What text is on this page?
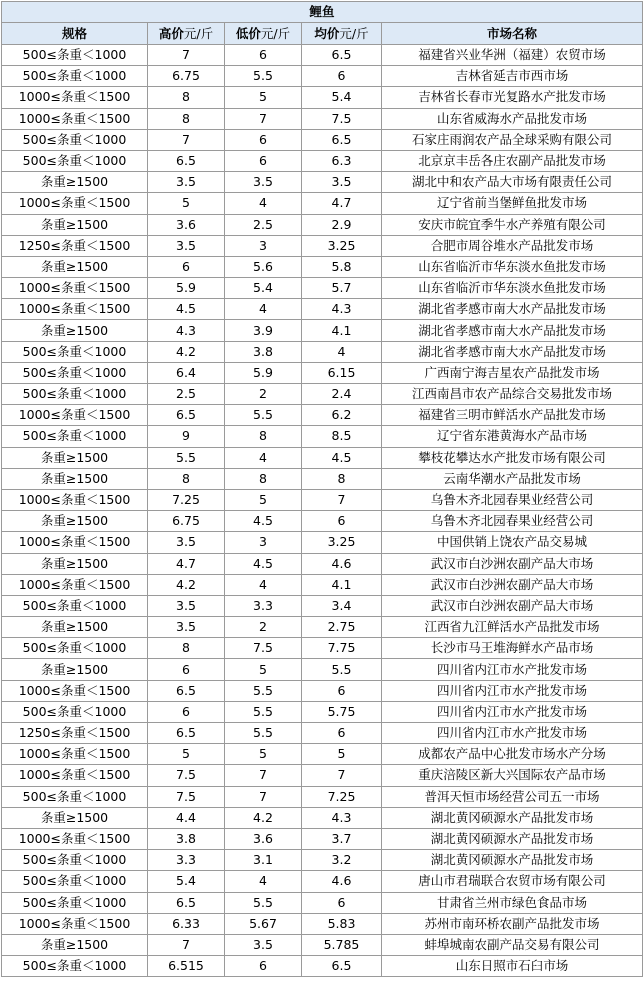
鲤鱼				
规格	高价元/斤	低价元/斤	均价元/斤	市场名称
500≤条重＜1000	7	6	6.5	福建省兴业华洲（福建）农贸市场
500≤条重＜1000	6.75	5.5	6	吉林省延吉市西市场
1000≤条重＜1500	8	5	5.4	吉林省长春市光复路水产批发市场
1000≤条重＜1500	8	7	7.5	山东省威海水产品批发市场
500≤条重＜1000	7	6	6.5	石家庄雨润农产品全球采购有限公司
500≤条重＜1000	6.5	6	6.3	北京京丰岳各庄农副产品批发市场
条重≥1500	3.5	3.5	3.5	湖北中和农产品大市场有限责任公司
1000≤条重＜1500	5	4	4.7	辽宁省前当堡鲜鱼批发市场
条重≥1500	3.6	2.5	2.9	安庆市皖宜季牛水产养殖有限公司
1250≤条重＜1500	3.5	3	3.25	合肥市周谷堆水产品批发市场
条重≥1500	6	5.6	5.8	山东省临沂市华东淡水鱼批发市场
1000≤条重＜1500	5.9	5.4	5.7	山东省临沂市华东淡水鱼批发市场
1000≤条重＜1500	4.5	4	4.3	湖北省孝感市南大水产品批发市场
条重≥1500	4.3	3.9	4.1	湖北省孝感市南大水产品批发市场
500≤条重＜1000	4.2	3.8	4	湖北省孝感市南大水产品批发市场
500≤条重＜1000	6.4	5.9	6.15	广西南宁海吉星农产品批发市场
500≤条重＜1000	2.5	2	2.4	江西南昌市农产品综合交易批发市场
1000≤条重＜1500	6.5	5.5	6.2	福建省三明市鲜活水产品批发市场
500≤条重＜1000	9	8	8.5	辽宁省东港黄海水产品市场
条重≥1500	5.5	4	4.5	攀枝花攀达水产批发市场有限公司
条重≥1500	8	8	8	云南华潮水产品批发市场
1000≤条重＜1500	7.25	5	7	乌鲁木齐北园春果业经营公司
条重≥1500	6.75	4.5	6	乌鲁木齐北园春果业经营公司
1000≤条重＜1500	3.5	3	3.25	中国供销上饶农产品交易城
条重≥1500	4.7	4.5	4.6	武汉市白沙洲农副产品大市场
1000≤条重＜1500	4.2	4	4.1	武汉市白沙洲农副产品大市场
500≤条重＜1000	3.5	3.3	3.4	武汉市白沙洲农副产品大市场
条重≥1500	3.5	2	2.75	江西省九江鲜活水产品批发市场
500≤条重＜1000	8	7.5	7.75	长沙市马王堆海鲜水产品市场
条重≥1500	6	5	5.5	四川省内江市水产批发市场
1000≤条重＜1500	6.5	5.5	6	四川省内江市水产批发市场
500≤条重＜1000	6	5.5	5.75	四川省内江市水产批发市场
1250≤条重＜1500	6.5	5.5	6	四川省内江市水产批发市场
1000≤条重＜1500	5	5	5	成都农产品中心批发市场水产分场
1000≤条重＜1500	7.5	7	7	重庆涪陵区新大兴国际农产品市场
500≤条重＜1000	7.5	7	7.25	普洱天恒市场经营公司五一市场
条重≥1500	4.4	4.2	4.3	湖北黄冈硕源水产品批发市场
1000≤条重＜1500	3.8	3.6	3.7	湖北黄冈硕源水产品批发市场
500≤条重＜1000	3.3	3.1	3.2	湖北黄冈硕源水产品批发市场
500≤条重＜1000	5.4	4	4.6	唐山市君瑞联合农贸市场有限公司
500≤条重＜1000	6.5	5.5	6	甘肃省兰州市绿色食品市场
1000≤条重＜1500	6.33	5.67	5.83	苏州市南环桥农副产品批发市场
条重≥1500	7	3.5	5.785	蚌埠城南农副产品交易有限公司
500≤条重＜1000	6.515	6	6.5	山东日照市石臼市场
